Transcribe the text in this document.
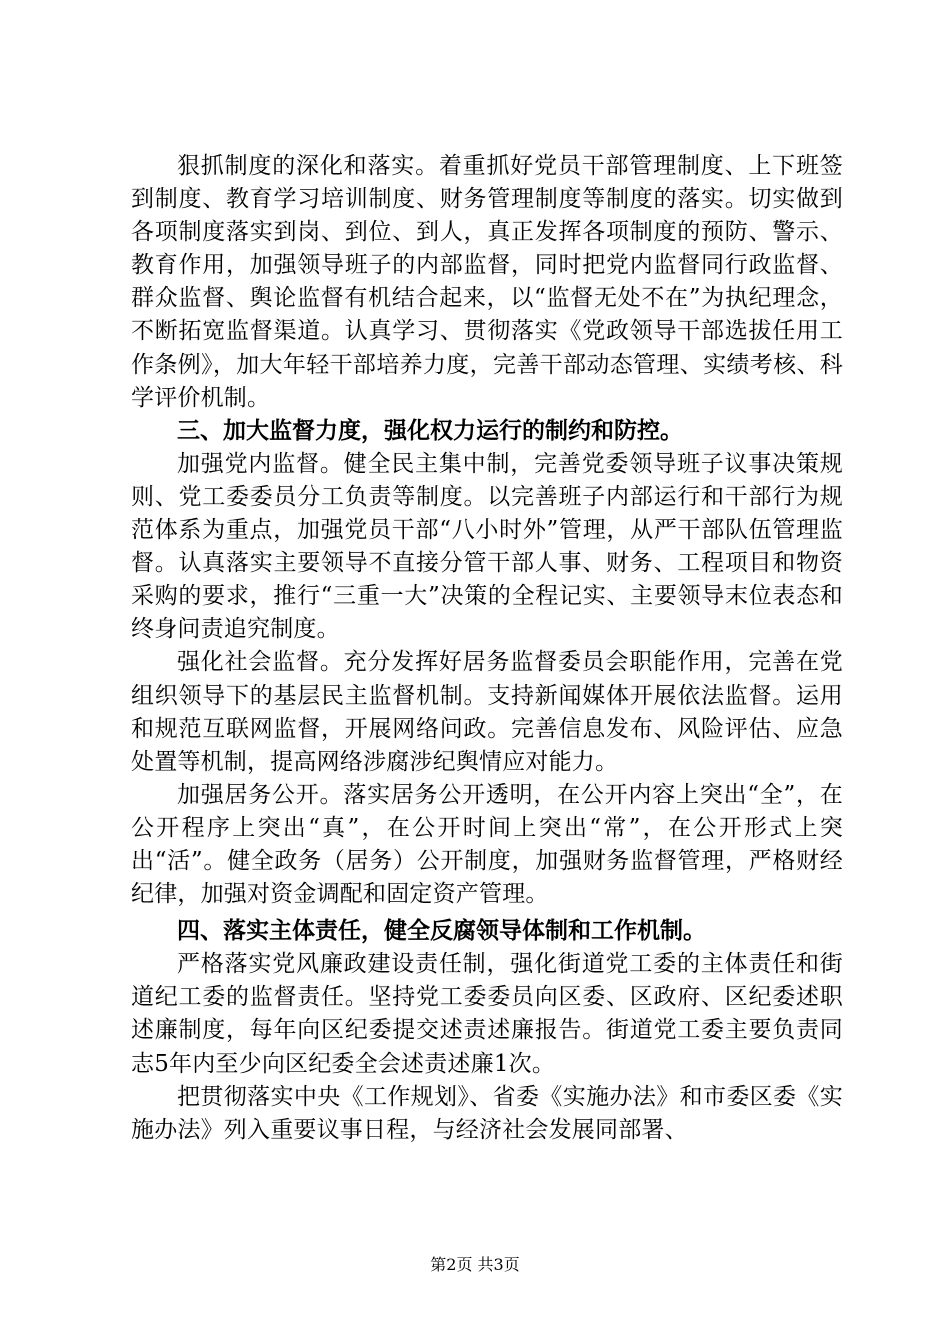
狠抓制度的深化和落实。着重抓好党员干部管理制度、上下班签到制度、教育学习培训制度、财务管理制度等制度的落实。切实做到各项制度落实到岗、到位、到人，真正发挥各项制度的预防、警示、教育作用，加强领导班子的内部监督，同时把党内监督同行政监督、群众监督、舆论监督有机结合起来，以“监督无处不在”为执纪理念，不断拓宽监督渠道。认真学习、贯彻落实《党政领导干部选拔任用工作条例》，加大年轻干部培养力度，完善干部动态管理、实绩考核、科学评价机制。

三、加大监督力度，强化权力运行的制约和防控。

加强党内监督。健全民主集中制，完善党委领导班子议事决策规则、党工委委员分工负责等制度。以完善班子内部运行和干部行为规范体系为重点，加强党员干部“八小时外”管理，从严干部队伍管理监督。认真落实主要领导不直接分管干部人事、财务、工程项目和物资采购的要求，推行“三重一大”决策的全程记实、主要领导末位表态和终身问责追究制度。

强化社会监督。充分发挥好居务监督委员会职能作用，完善在党组织领导下的基层民主监督机制。支持新闻媒体开展依法监督。运用和规范互联网监督，开展网络问政。完善信息发布、风险评估、应急处置等机制，提高网络涉腐涉纪舆情应对能力。

加强居务公开。落实居务公开透明，在公开内容上突出“全”，在公开程序上突出“真”，在公开时间上突出“常”，在公开形式上突出“活”。健全政务（居务）公开制度，加强财务监督管理，严格财经纪律，加强对资金调配和固定资产管理。

四、落实主体责任，健全反腐领导体制和工作机制。

严格落实党风廉政建设责任制，强化街道党工委的主体责任和街道纪工委的监督责任。坚持党工委委员向区委、区政府、区纪委述职述廉制度，每年向区纪委提交述责述廉报告。街道党工委主要负责同志5年内至少向区纪委全会述责述廉1次。

把贯彻落实中央《工作规划》、省委《实施办法》和市委区委《实施办法》列入重要议事日程，与经济社会发展同部署、

第2页 共3页
